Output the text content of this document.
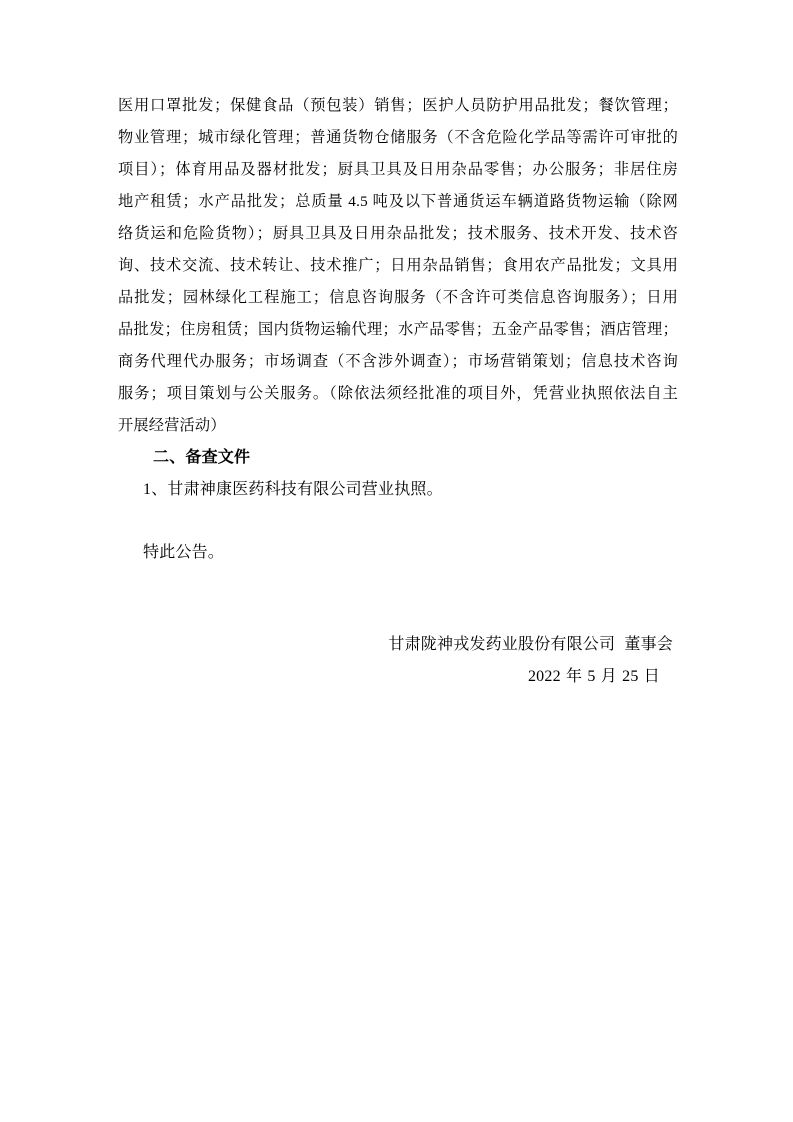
医用口罩批发；保健食品（预包装）销售；医护人员防护用品批发；餐饮管理；
物业管理；城市绿化管理；普通货物仓储服务（不含危险化学品等需许可审批的
项目）；体育用品及器材批发；厨具卫具及日用杂品零售；办公服务；非居住房
地产租赁；水产品批发；总质量 4.5 吨及以下普通货运车辆道路货物运输（除网
络货运和危险货物）；厨具卫具及日用杂品批发；技术服务、技术开发、技术咨
询、技术交流、技术转让、技术推广；日用杂品销售；食用农产品批发；文具用
品批发；园林绿化工程施工；信息咨询服务（不含许可类信息咨询服务）；日用
品批发；住房租赁；国内货物运输代理；水产品零售；五金产品零售；酒店管理；
商务代理代办服务；市场调查（不含涉外调查）；市场营销策划；信息技术咨询
服务；项目策划与公关服务。（除依法须经批准的项目外，凭营业执照依法自主
开展经营活动）
二、备查文件
1、甘肃神康医药科技有限公司营业执照。
特此公告。
甘肃陇神戎发药业股份有限公司 董事会
2022 年 5 月 25 日
